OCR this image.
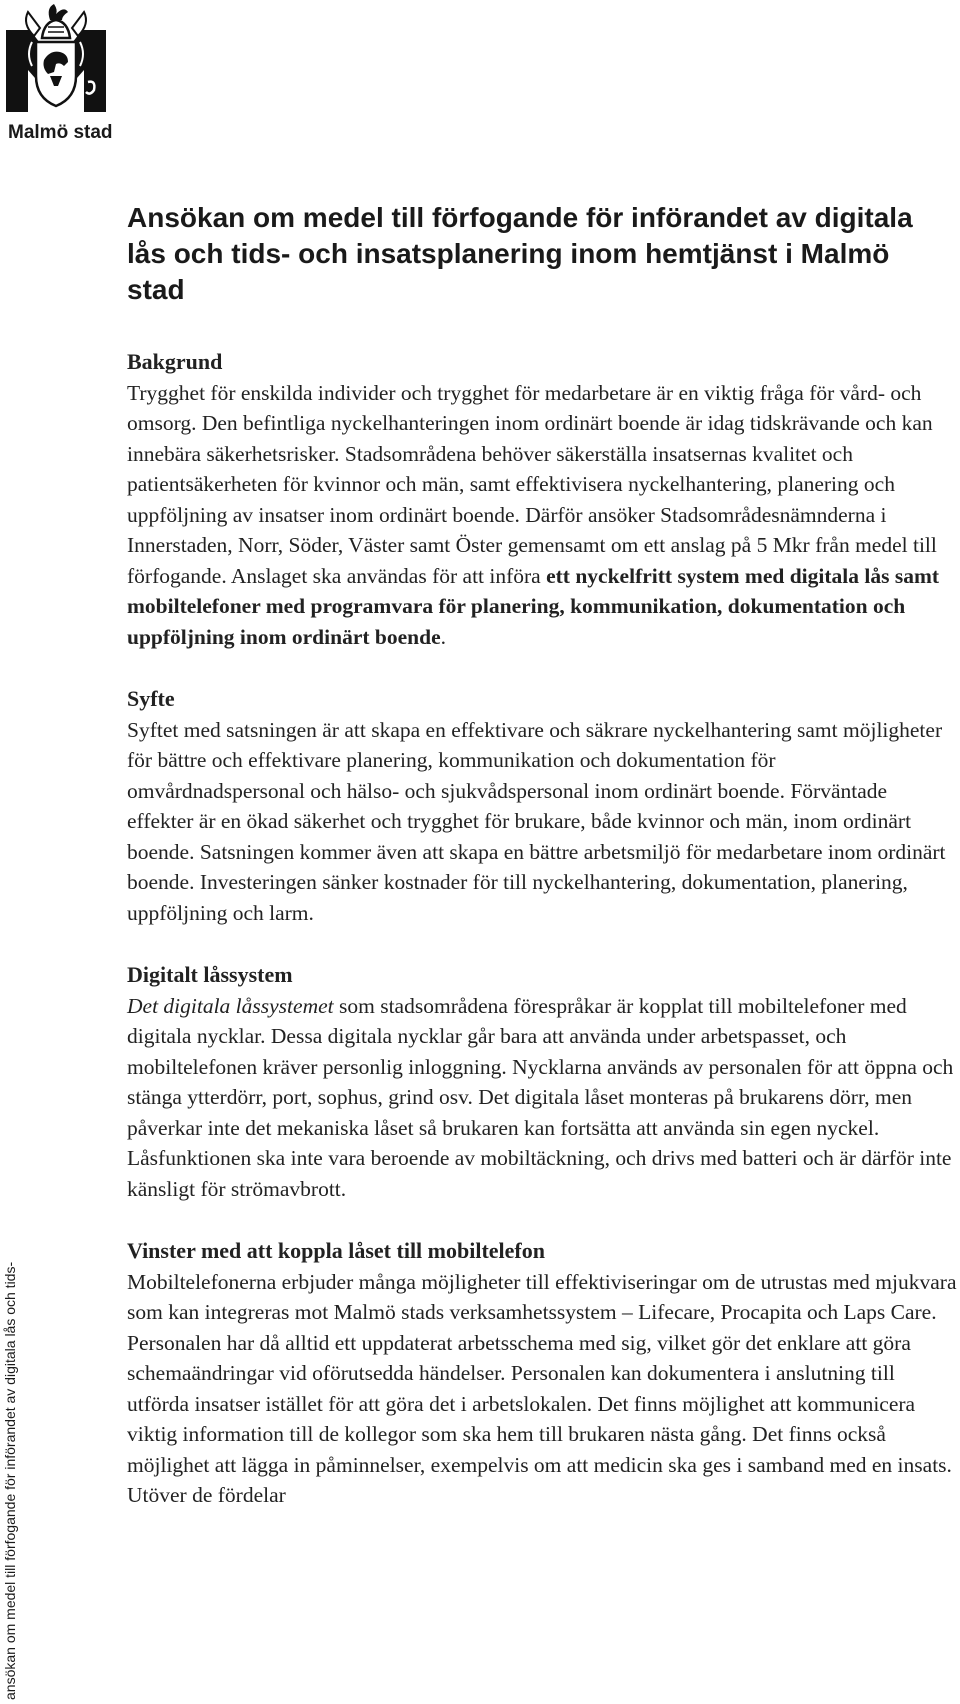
Malmö stad
Ansökan om medel till förfogande för införandet av digitala lås och tids- och insatsplanering inom hemtjänst i Malmö stad
Bakgrund

Trygghet för enskilda individer och trygghet för medarbetare är en viktig fråga för vård- och omsorg. Den befintliga nyckelhanteringen inom ordinärt boende är idag tidskrävande och kan innebära säkerhetsrisker. Stadsområdena behöver säkerställa insatsernas kvalitet och patientsäkerheten för kvinnor och män, samt effektivisera nyckelhantering, planering och uppföljning av insatser inom ordinärt boende. Därför ansöker Stadsområdesnämnderna i Innerstaden, Norr, Söder, Väster samt Öster gemensamt om ett anslag på 5 Mkr från medel till förfogande. Anslaget ska användas för att införa ett nyckelfritt system med digitala lås samt mobiltelefoner med programvara för planering, kommunikation, dokumentation och uppföljning inom ordinärt boende.

Syfte

Syftet med satsningen är att skapa en effektivare och säkrare nyckelhantering samt möjligheter för bättre och effektivare planering, kommunikation och dokumentation för omvårdnadspersonal och hälso- och sjukvådspersonal inom ordinärt boende. Förväntade effekter är en ökad säkerhet och trygghet för brukare, både kvinnor och män, inom ordinärt boende. Satsningen kommer även att skapa en bättre arbetsmiljö för medarbetare inom ordinärt boende. Investeringen sänker kostnader för till nyckelhantering, dokumentation, planering, uppföljning och larm.

Digitalt låssystem

Det digitala låssystemet som stadsområdena förespråkar är kopplat till mobiltelefoner med digitala nycklar. Dessa digitala nycklar går bara att använda under arbetspasset, och mobiltelefonen kräver personlig inloggning. Nycklarna används av personalen för att öppna och stänga ytterdörr, port, sophus, grind osv. Det digitala låset monteras på brukarens dörr, men påverkar inte det mekaniska låset så brukaren kan fortsätta att använda sin egen nyckel. Låsfunktionen ska inte vara beroende av mobiltäckning, och drivs med batteri och är därför inte känsligt för strömavbrott.

Vinster med att koppla låset till mobiltelefon

Mobiltelefonerna erbjuder många möjligheter till effektiviseringar om de utrustas med mjukvara som kan integreras mot Malmö stads verksamhetssystem – Lifecare, Procapita och Laps Care. Personalen har då alltid ett uppdaterat arbetsschema med sig, vilket gör det enklare att göra schemaändringar vid oförutsedda händelser. Personalen kan dokumentera i anslutning till utförda insatser istället för att göra det i arbetslokalen. Det finns möjlighet att kommunicera viktig information till de kollegor som ska hem till brukaren nästa gång. Det finns också möjlighet att lägga in påminnelser, exempelvis om att medicin ska ges i samband med en insats. Utöver de fördelar

ansökan om medel till förfogande för införandet av digitala lås och tids-
